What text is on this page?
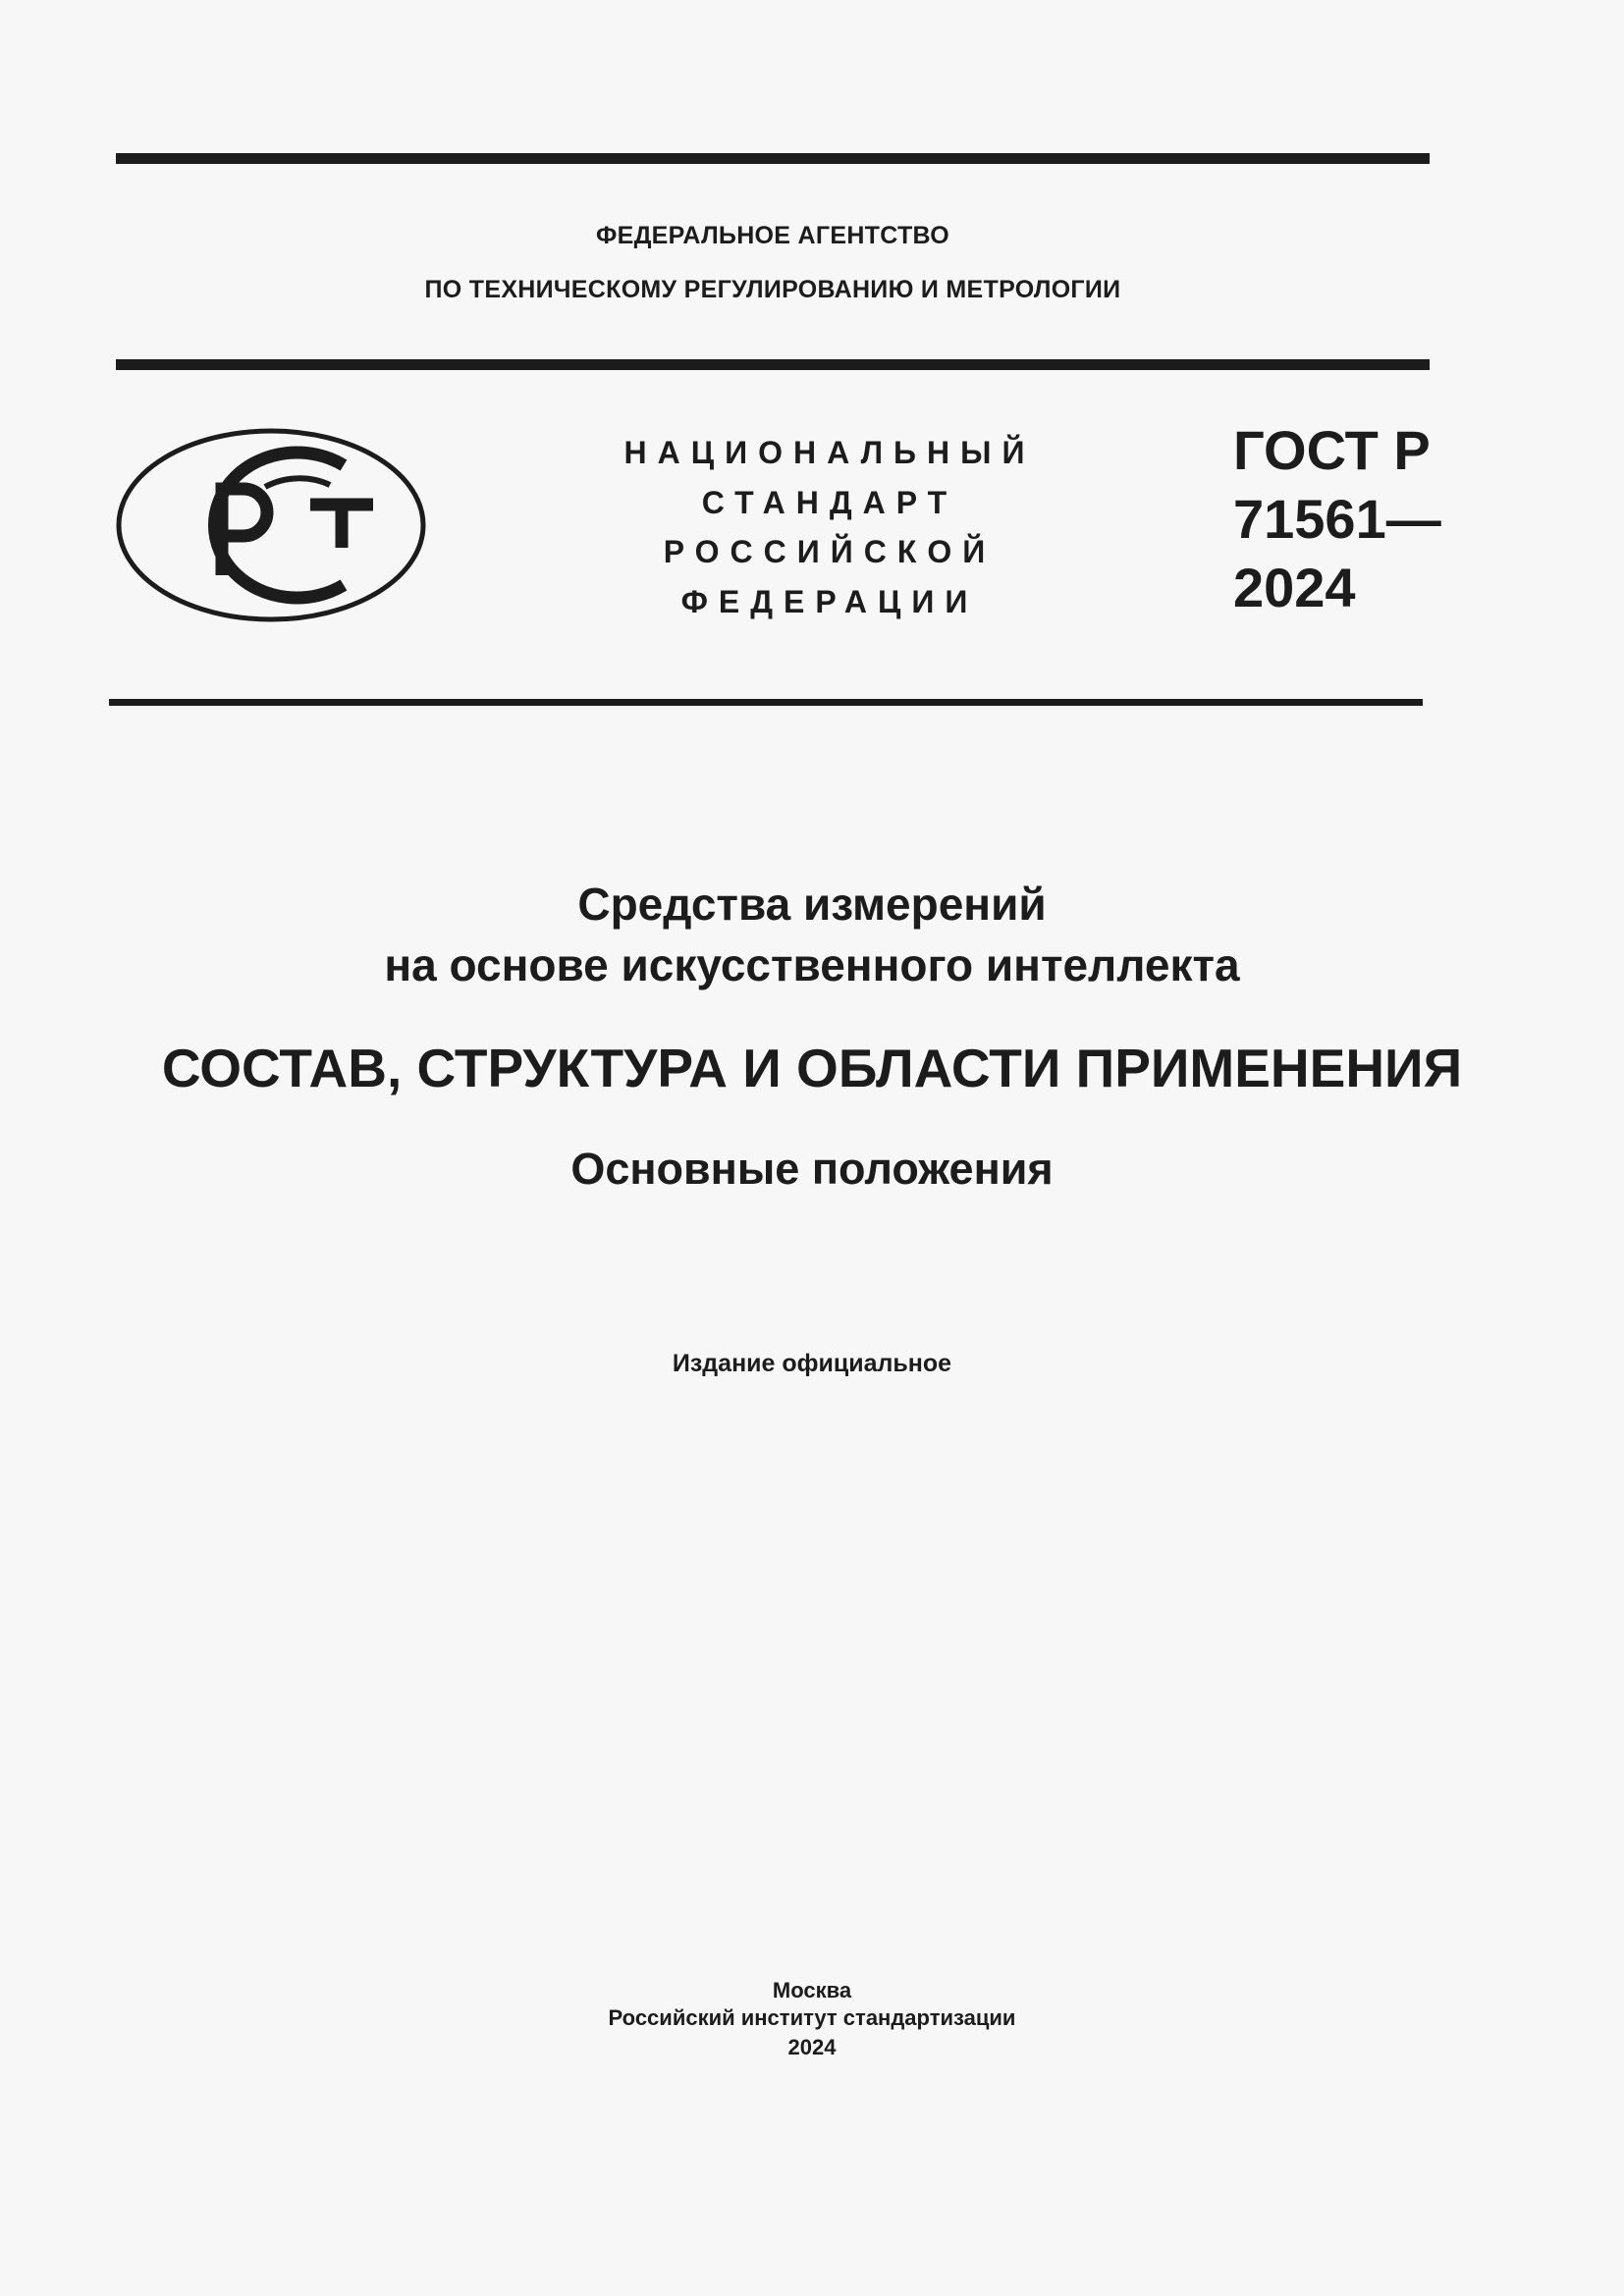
ФЕДЕРАЛЬНОЕ АГЕНТСТВО
ПО ТЕХНИЧЕСКОМУ РЕГУЛИРОВАНИЮ И МЕТРОЛОГИИ
НАЦИОНАЛЬНЫЙ
СТАНДАРТ
РОССИЙСКОЙ
ФЕДЕРАЦИИ
ГОСТ Р
71561—
2024
Средства измерений
на основе искусственного интеллекта
СОСТАВ, СТРУКТУРА И ОБЛАСТИ ПРИМЕНЕНИЯ
Основные положения
Издание официальное
Москва
Российский институт стандартизации
2024
